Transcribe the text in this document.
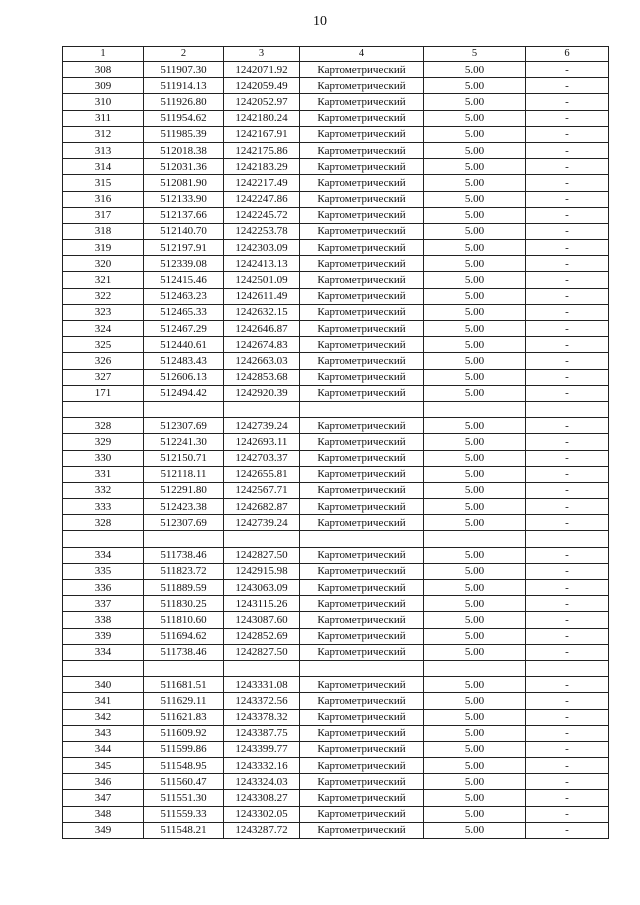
10
1	2	3	4	5	6
308	511907.30	1242071.92	Картометрический	5.00	-
309	511914.13	1242059.49	Картометрический	5.00	-
310	511926.80	1242052.97	Картометрический	5.00	-
311	511954.62	1242180.24	Картометрический	5.00	-
312	511985.39	1242167.91	Картометрический	5.00	-
313	512018.38	1242175.86	Картометрический	5.00	-
314	512031.36	1242183.29	Картометрический	5.00	-
315	512081.90	1242217.49	Картометрический	5.00	-
316	512133.90	1242247.86	Картометрический	5.00	-
317	512137.66	1242245.72	Картометрический	5.00	-
318	512140.70	1242253.78	Картометрический	5.00	-
319	512197.91	1242303.09	Картометрический	5.00	-
320	512339.08	1242413.13	Картометрический	5.00	-
321	512415.46	1242501.09	Картометрический	5.00	-
322	512463.23	1242611.49	Картометрический	5.00	-
323	512465.33	1242632.15	Картометрический	5.00	-
324	512467.29	1242646.87	Картометрический	5.00	-
325	512440.61	1242674.83	Картометрический	5.00	-
326	512483.43	1242663.03	Картометрический	5.00	-
327	512606.13	1242853.68	Картометрический	5.00	-
171	512494.42	1242920.39	Картометрический	5.00	-

328	512307.69	1242739.24	Картометрический	5.00	-
329	512241.30	1242693.11	Картометрический	5.00	-
330	512150.71	1242703.37	Картометрический	5.00	-
331	512118.11	1242655.81	Картометрический	5.00	-
332	512291.80	1242567.71	Картометрический	5.00	-
333	512423.38	1242682.87	Картометрический	5.00	-
328	512307.69	1242739.24	Картометрический	5.00	-

334	511738.46	1242827.50	Картометрический	5.00	-
335	511823.72	1242915.98	Картометрический	5.00	-
336	511889.59	1243063.09	Картометрический	5.00	-
337	511830.25	1243115.26	Картометрический	5.00	-
338	511810.60	1243087.60	Картометрический	5.00	-
339	511694.62	1242852.69	Картометрический	5.00	-
334	511738.46	1242827.50	Картометрический	5.00	-

340	511681.51	1243331.08	Картометрический	5.00	-
341	511629.11	1243372.56	Картометрический	5.00	-
342	511621.83	1243378.32	Картометрический	5.00	-
343	511609.92	1243387.75	Картометрический	5.00	-
344	511599.86	1243399.77	Картометрический	5.00	-
345	511548.95	1243332.16	Картометрический	5.00	-
346	511560.47	1243324.03	Картометрический	5.00	-
347	511551.30	1243308.27	Картометрический	5.00	-
348	511559.33	1243302.05	Картометрический	5.00	-
349	511548.21	1243287.72	Картометрический	5.00	-
